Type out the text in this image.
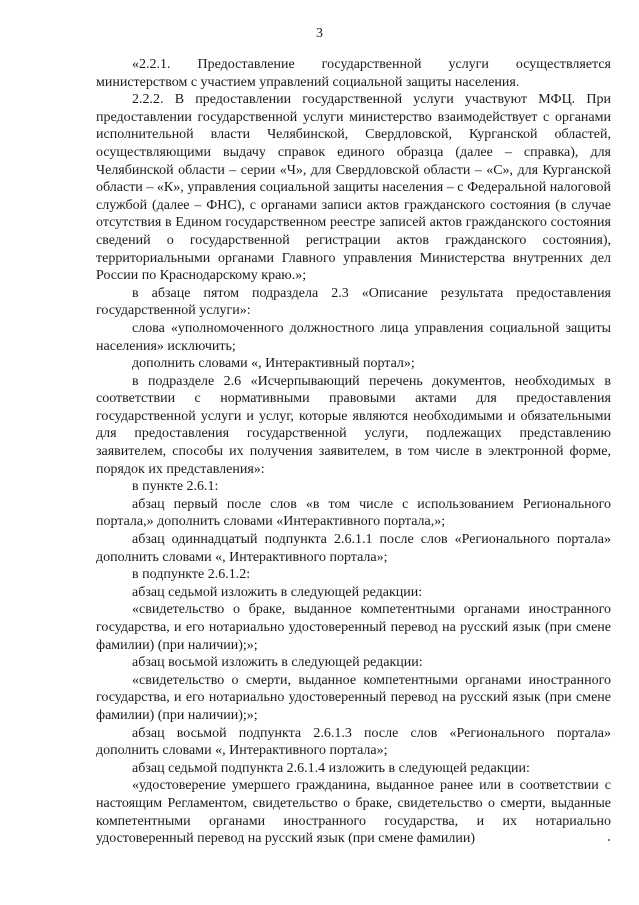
3

«2.2.1. Предоставление государственной услуги осуществляется министерством с участием управлений социальной защиты населения.

2.2.2. В предоставлении государственной услуги участвуют МФЦ. При предоставлении государственной услуги министерство взаимодействует с органами исполнительной власти Челябинской, Свердловской, Курганской областей, осуществляющими выдачу справок единого образца (далее – справка), для Челябинской области – серии «Ч», для Свердловской области – «С», для Курганской области – «К», управления социальной защиты населения – с Федеральной налоговой службой (далее – ФНС), с органами записи актов гражданского состояния (в случае отсутствия в Едином государственном реестре записей актов гражданского состояния сведений о государственной регистрации актов гражданского состояния), территориальными органами Главного управления Министерства внутренних дел России по Краснодарскому краю.»;

в абзаце пятом подраздела 2.3 «Описание результата предоставления государственной услуги»:

слова «уполномоченного должностного лица управления социальной защиты населения» исключить;

дополнить словами «, Интерактивный портал»;

в подразделе 2.6 «Исчерпывающий перечень документов, необходимых в соответствии с нормативными правовыми актами для предоставления государственной услуги и услуг, которые являются необходимыми и обязательными для предоставления государственной услуги, подлежащих представлению заявителем, способы их получения заявителем, в том числе в электронной форме, порядок их представления»:

в пункте 2.6.1:

абзац первый после слов «в том числе с использованием Регионального портала,» дополнить словами «Интерактивного портала,»;

абзац одиннадцатый подпункта 2.6.1.1 после слов «Регионального портала» дополнить словами «, Интерактивного портала»;

в подпункте 2.6.1.2:

абзац седьмой изложить в следующей редакции:

«свидетельство о браке, выданное компетентными органами иностранного государства, и его нотариально удостоверенный перевод на русский язык (при смене фамилии) (при наличии);»;

абзац восьмой изложить в следующей редакции:

«свидетельство о смерти, выданное компетентными органами иностранного государства, и его нотариально удостоверенный перевод на русский язык (при смене фамилии) (при наличии);»;

абзац восьмой подпункта 2.6.1.3 после слов «Регионального портала» дополнить словами «, Интерактивного портала»;

абзац седьмой подпункта 2.6.1.4 изложить в следующей редакции:

«удостоверение умершего гражданина, выданное ранее или в соответствии с настоящим Регламентом, свидетельство о браке, свидетельство о смерти, выданные компетентными органами иностранного государства, и их нотариально удостоверенный перевод на русский язык (при смене фамилии)
